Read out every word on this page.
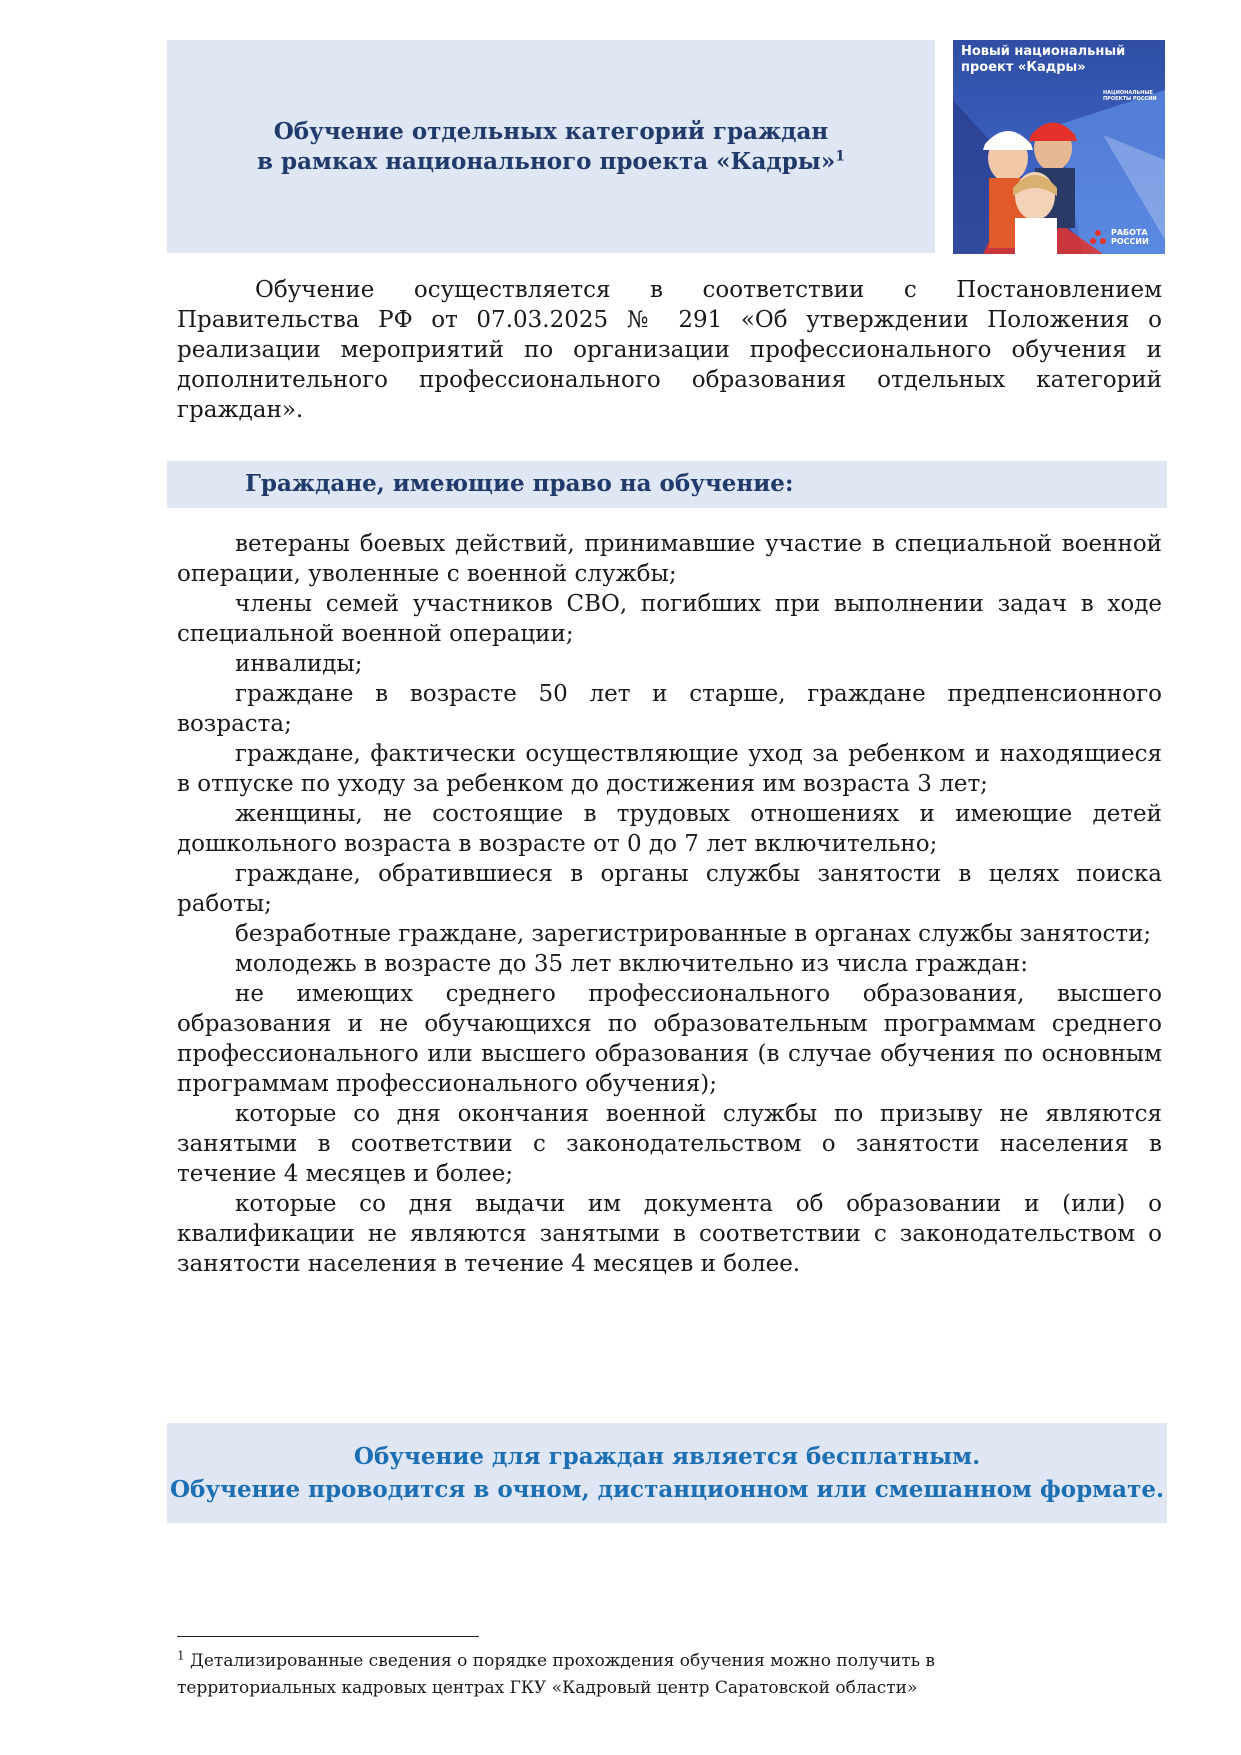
Обучение отдельных категорий граждан
в рамках национального проекта «Кадры»$^1$
Новый национальный проект «Кадры»
НАЦИОНАЛЬНЫЕ ПРОЕКТЫ РОССИИ
РАБОТА РОССИИ

Обучение осуществляется в соответствии с Постановлением Правительства РФ от 07.03.2025 № 291 «Об утверждении Положения о реализации мероприятий по организации профессионального обучения и дополнительного профессионального образования отдельных категорий граждан».

Граждане, имеющие право на обучение:
ветераны боевых действий, принимавшие участие в специальной военной операции, уволенные с военной службы;
члены семей участников СВО, погибших при выполнении задач в ходе специальной военной операции;
инвалиды;
граждане в возрасте 50 лет и старше, граждане предпенсионного возраста;
граждане, фактически осуществляющие уход за ребенком и находящиеся в отпуске по уходу за ребенком до достижения им возраста 3 лет;
женщины, не состоящие в трудовых отношениях и имеющие детей дошкольного возраста в возрасте от 0 до 7 лет включительно;
граждане, обратившиеся в органы службы занятости в целях поиска работы;
безработные граждане, зарегистрированные в органах службы занятости;
молодежь в возрасте до 35 лет включительно из числа граждан:
не имеющих среднего профессионального образования, высшего образования и не обучающихся по образовательным программам среднего профессионального или высшего образования (в случае обучения по основным программам профессионального обучения);
которые со дня окончания военной службы по призыву не являются занятыми в соответствии с законодательством о занятости населения в течение 4 месяцев и более;
которые со дня выдачи им документа об образовании и (или) о квалификации не являются занятыми в соответствии с законодательством о занятости населения в течение 4 месяцев и более.
Обучение для граждан является бесплатным.
Обучение проводится в очном, дистанционном или смешанном формате.

$^1$ Детализированные сведения о порядке прохождения обучения можно получить в территориальных кадровых центрах ГКУ «Кадровый центр Саратовской области»
